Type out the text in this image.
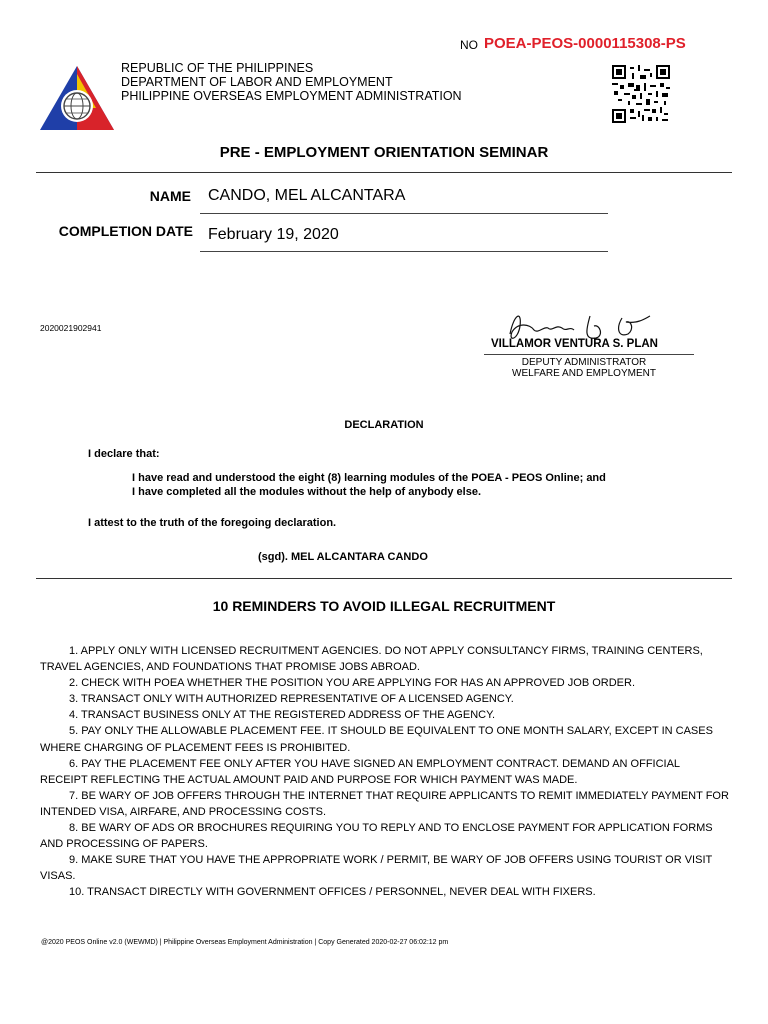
NO POEA-PEOS-0000115308-PS
REPUBLIC OF THE PHILIPPINES
DEPARTMENT OF LABOR AND EMPLOYMENT
PHILIPPINE OVERSEAS EMPLOYMENT ADMINISTRATION
PRE - EMPLOYMENT ORIENTATION SEMINAR
NAME CANDO, MEL ALCANTARA
COMPLETION DATE February 19, 2020
2020021902941
VILLAMOR VENTURA S. PLAN
DEPUTY ADMINISTRATOR
WELFARE AND EMPLOYMENT
DECLARATION
I declare that:
I have read and understood the eight (8) learning modules of the POEA - PEOS Online; and
I have completed all the modules without the help of anybody else.
I attest to the truth of the foregoing declaration.
(sgd). MEL ALCANTARA CANDO
10 REMINDERS TO AVOID ILLEGAL RECRUITMENT

1. APPLY ONLY WITH LICENSED RECRUITMENT AGENCIES. DO NOT APPLY CONSULTANCY FIRMS, TRAINING CENTERS, TRAVEL AGENCIES, AND FOUNDATIONS THAT PROMISE JOBS ABROAD.

2. CHECK WITH POEA WHETHER THE POSITION YOU ARE APPLYING FOR HAS AN APPROVED JOB ORDER.

3. TRANSACT ONLY WITH AUTHORIZED REPRESENTATIVE OF A LICENSED AGENCY.

4. TRANSACT BUSINESS ONLY AT THE REGISTERED ADDRESS OF THE AGENCY.

5. PAY ONLY THE ALLOWABLE PLACEMENT FEE. IT SHOULD BE EQUIVALENT TO ONE MONTH SALARY, EXCEPT IN CASES WHERE CHARGING OF PLACEMENT FEES IS PROHIBITED.

6. PAY THE PLACEMENT FEE ONLY AFTER YOU HAVE SIGNED AN EMPLOYMENT CONTRACT. DEMAND AN OFFICIAL RECEIPT REFLECTING THE ACTUAL AMOUNT PAID AND PURPOSE FOR WHICH PAYMENT WAS MADE.

7. BE WARY OF JOB OFFERS THROUGH THE INTERNET THAT REQUIRE APPLICANTS TO REMIT IMMEDIATELY PAYMENT FOR INTENDED VISA, AIRFARE, AND PROCESSING COSTS.

8. BE WARY OF ADS OR BROCHURES REQUIRING YOU TO REPLY AND TO ENCLOSE PAYMENT FOR APPLICATION FORMS AND PROCESSING OF PAPERS.

9. MAKE SURE THAT YOU HAVE THE APPROPRIATE WORK / PERMIT, BE WARY OF JOB OFFERS USING TOURIST OR VISIT VISAS.

10. TRANSACT DIRECTLY WITH GOVERNMENT OFFICES / PERSONNEL, NEVER DEAL WITH FIXERS.

@2020 PEOS Online v2.0 (WEWMD) | Philippine Overseas Employment Administration | Copy Generated 2020-02-27 06:02:12 pm
